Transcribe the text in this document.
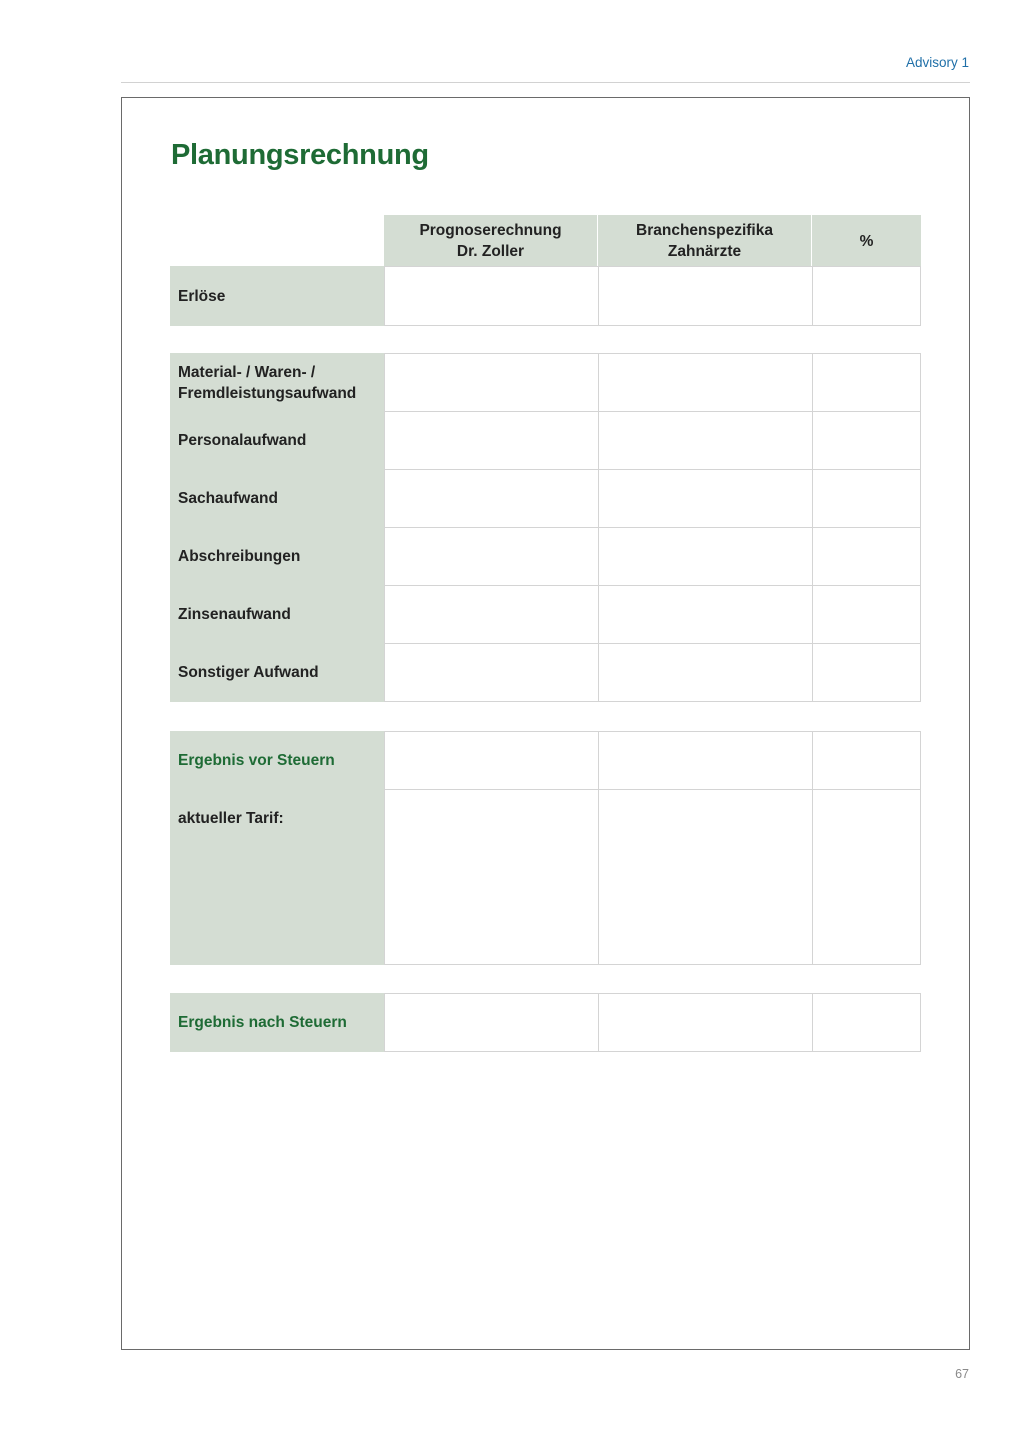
Advisory 1
Planungsrechnung
Prognoserechnung
Dr. Zoller
Branchenspezifika
Zahnärzte
%
Erlöse
Material- / Waren- /
Fremdleistungsaufwand
Personalaufwand
Sachaufwand
Abschreibungen
Zinsenaufwand
Sonstiger Aufwand
Ergebnis vor Steuern
aktueller Tarif:
Ergebnis nach Steuern
67
